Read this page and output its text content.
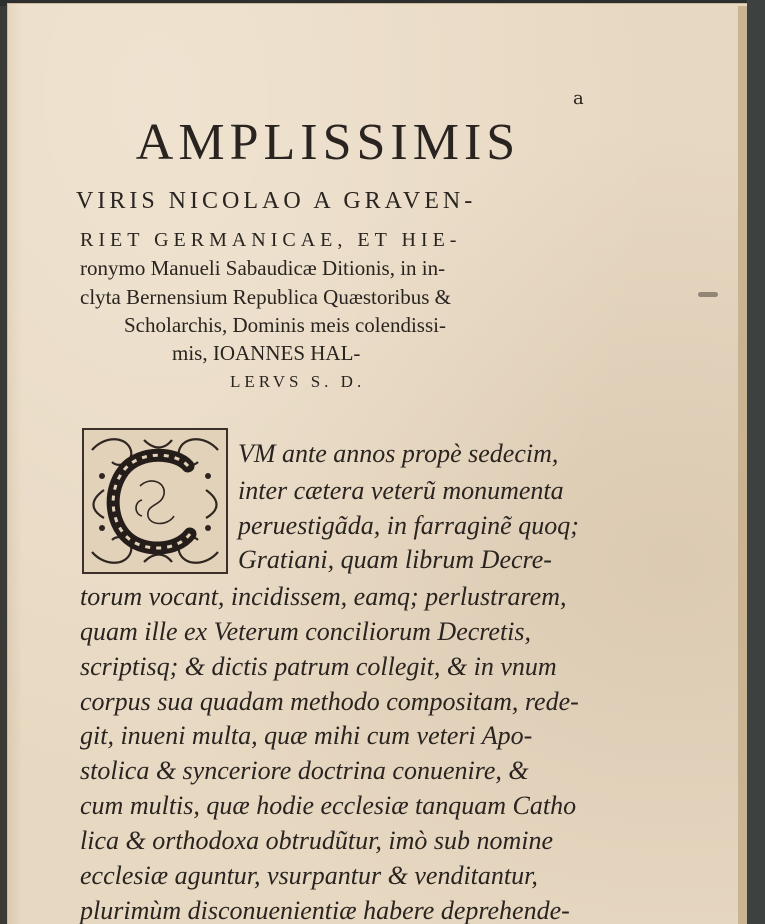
a
AMPLISSIMIS
VIRIS NICOLAO A GRAVEN-
RIET GERMANICAE, ET HIE-
ronymo Manueli Sabaudicæ Ditionis, in in-
clyta Bernensium Republica Quæstoribus &
Scholarchis, Dominis meis colendissi-
mis, IOANNES HAL-
LERVS S. D.
VM ante annos propè sedecim,
inter cætera veterũ monumenta
peruestigãda, in farraginẽ quoq;
Gratiani, quam librum Decre-
torum vocant, incidissem, eamq; perlustrarem,
quam ille ex Veterum conciliorum Decretis,
scriptisq; & dictis patrum collegit, & in vnum
corpus sua quadam methodo compositam, rede-
git, inueni multa, quæ mihi cum veteri Apo-
stolica & synceriore doctrina conuenire, &
cum multis, quæ hodie ecclesiæ tanquam Catho
lica & orthodoxa obtrudũtur, imò sub nomine
ecclesiæ aguntur, vsurpantur & venditantur,
plurimùm disconuenientiæ habere deprehende-
